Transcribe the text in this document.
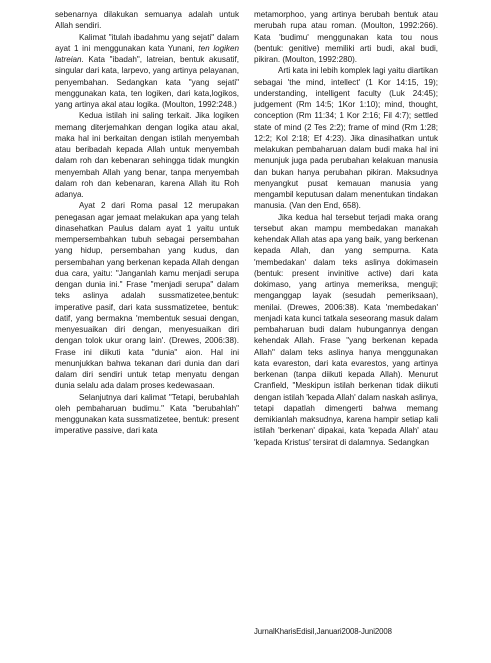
sebenarnya dilakukan semuanya adalah untuk Allah sendiri.

Kalimat "itulah ibadahmu yang sejati" dalam ayat 1 ini menggunakan kata Yunani, ten logiken latreian. Kata "ibadah", latreian, bentuk akusatif, singular dari kata, larpevo, yang artinya pelayanan, penyembahan. Sedangkan kata "yang sejati" menggunakan kata, ten logiken, dari kata,logikos, yang artinya akal atau logika. (Moulton, 1992:248.)

Kedua istilah ini saling terkait. Jika logiken memang diterjemahkan dengan logika atau akal, maka hal ini berkaitan dengan istilah menyembah atau beribadah kepada Allah untuk menyembah dalam roh dan kebenaran sehingga tidak mungkin menyembah Allah yang benar, tanpa menyembah dalam roh dan kebenaran, karena Allah itu Roh adanya.

Ayat 2 dari Roma pasal 12 merupakan penegasan agar jemaat melakukan apa yang telah dinasehatkan Paulus dalam ayat 1 yaitu untuk mempersembahkan tubuh sebagai persembahan yang hidup, persembahan yang kudus, dan persembahan yang berkenan kepada Allah dengan dua cara, yaitu: "Janganlah kamu menjadi serupa dengan dunia ini." Frase "menjadi serupa" dalam teks aslinya adalah sussmatizetee,bentuk: imperative pasif, dari kata sussmatizetee, bentuk: datif, yang bermakna 'membentuk sesuai dengan, menyesuaikan diri dengan, menyesuaikan diri dengan tolok ukur orang lain'. (Drewes, 2006:38). Frase ini diikuti kata "dunia" aion. Hal ini menunjukkan bahwa tekanan dari dunia dan dari dalam diri sendiri untuk tetap menyatu dengan dunia selalu ada dalam proses kedewasaan.

Selanjutnya dari kalimat "Tetapi, berubahlah oleh pembaharuan budimu." Kata "berubahlah" menggunakan kata sussmatizetee, bentuk: present imperative passive, dari kata

metamorphoo, yang artinya berubah bentuk atau merubah rupa atau roman. (Moulton, 1992:266). Kata 'budimu' menggunakan kata tou nous (bentuk: genitive) memiliki arti budi, akal budi, pikiran. (Moulton, 1992:280).

Arti kata ini lebih komplek lagi yaitu diartikan sebagai 'the mind, intellect' (1 Kor 14:15, 19); understanding, intelligent faculty (Luk 24:45); judgement (Rm 14:5; 1Kor 1:10); mind, thought, conception (Rm 11:34; 1 Kor 2:16; Fil 4:7); settled state of mind (2 Tes 2:2); frame of mind (Rm 1:28; 12:2; Kol 2:18; Ef 4:23). Jika dinasihatkan untuk melakukan pembaharuan dalam budi maka hal ini menunjuk juga pada perubahan kelakuan manusia dan bukan hanya perubahan pikiran. Maksudnya menyangkut pusat kemauan manusia yang mengambil keputusan dalam menentukan tindakan manusia. (Van den End, 658).

Jika kedua hal tersebut terjadi maka orang tersebut akan mampu membedakan manakah kehendak Allah atas apa yang baik, yang berkenan kepada Allah, dan yang sempurna. Kata 'membedakan' dalam teks aslinya dokimasein (bentuk: present invinitive active) dari kata dokimaso, yang artinya memeriksa, menguji; menganggap layak (sesudah pemeriksaan), menilai. (Drewes, 2006:38). Kata 'membedakan' menjadi kata kunci tatkala seseorang masuk dalam pembaharuan budi dalam hubungannya dengan kehendak Allah. Frase "yang berkenan kepada Allah" dalam teks aslinya hanya menggunakan kata evareston, dari kata evarestos, yang artinya berkenan (tanpa diikuti kepada Allah). Menurut Cranfield, "Meskipun istilah berkenan tidak diikuti dengan istilah 'kepada Allah' dalam naskah aslinya, tetapi dapatlah dimengerti bahwa memang demikianlah maksudnya, karena hampir setiap kali istilah 'berkenan' dipakai, kata 'kepada Allah' atau 'kepada Kristus' tersirat di dalamnya. Sedangkan

JurnalKharisEdisiI,Januari2008-Juni2008
